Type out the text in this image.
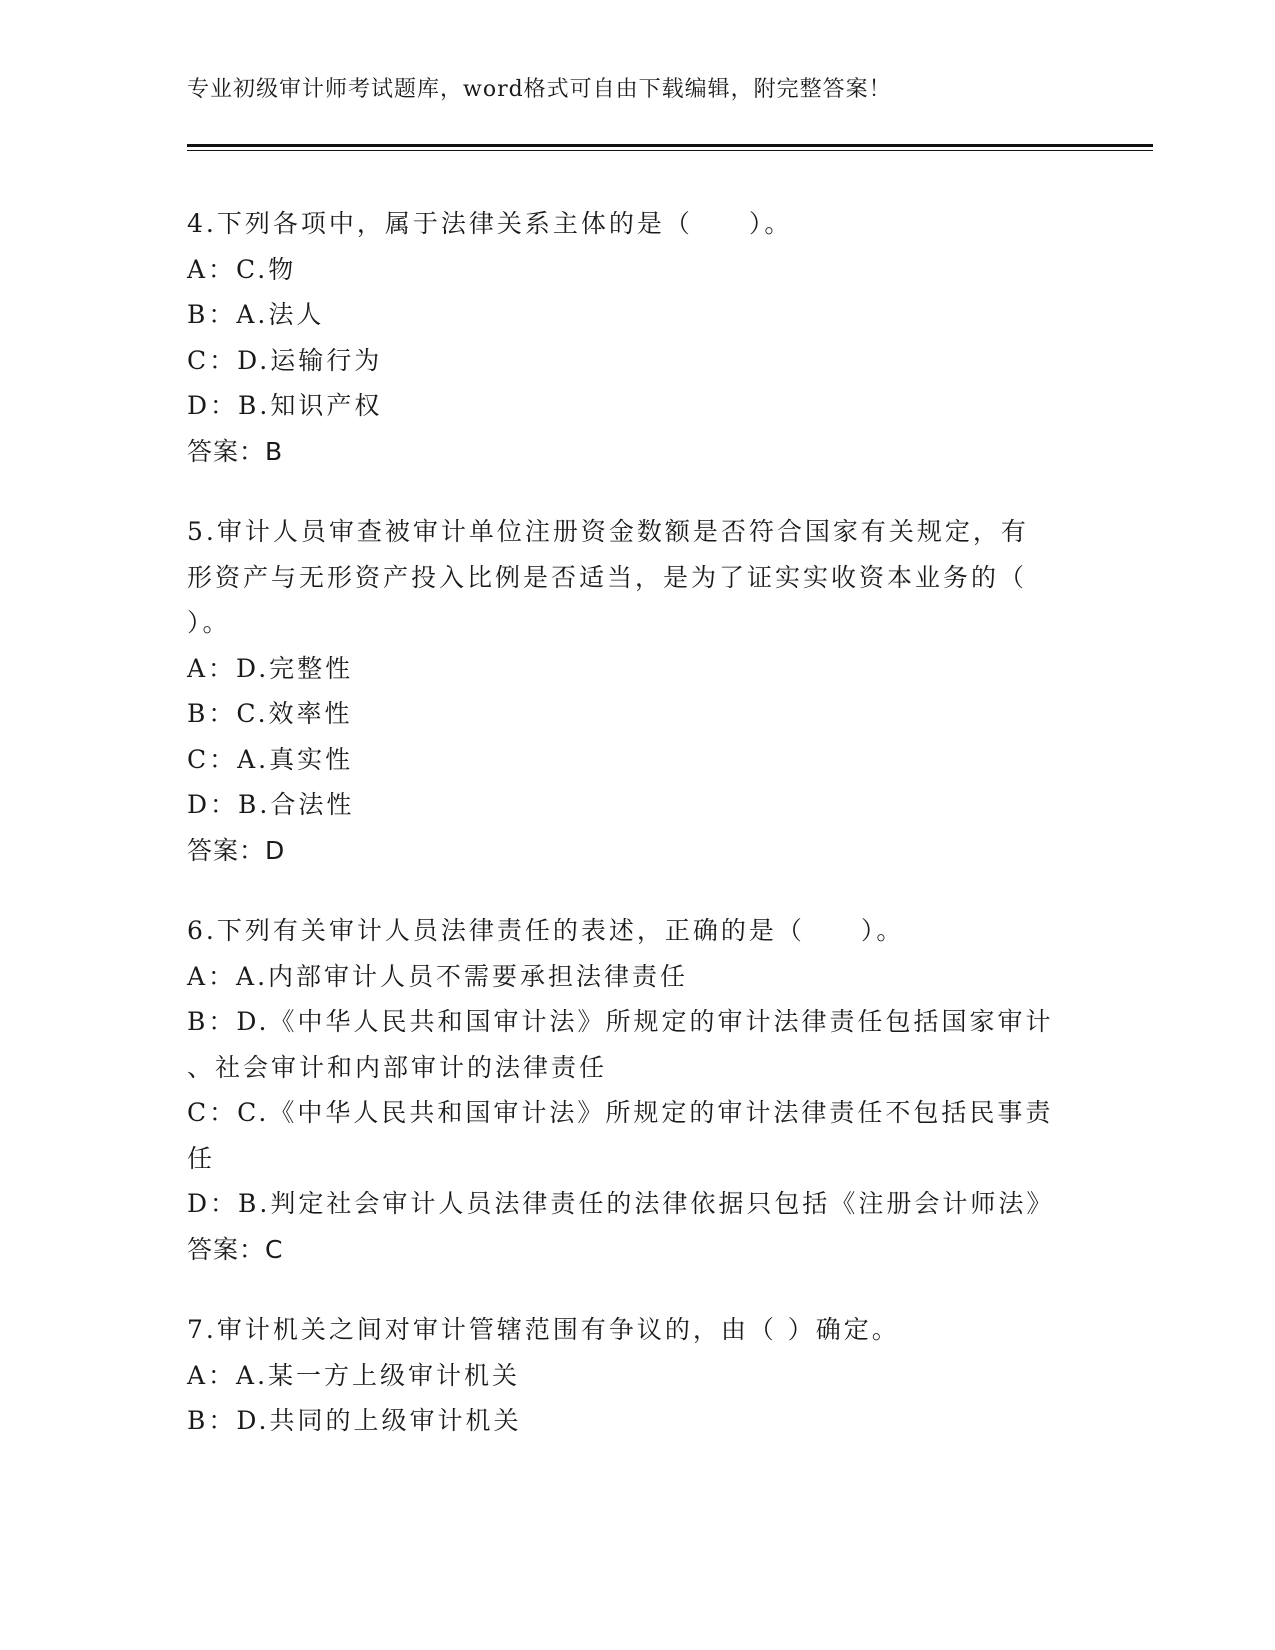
专业初级审计师考试题库，word格式可自由下载编辑，附完整答案！
4.下列各项中，属于法律关系主体的是（　　）。
A：C.物
B：A.法人
C：D.运输行为
D：B.知识产权
答案：B
5.审计人员审查被审计单位注册资金数额是否符合国家有关规定，有
形资产与无形资产投入比例是否适当，是为了证实实收资本业务的（
）。
A：D.完整性
B：C.效率性
C：A.真实性
D：B.合法性
答案：D
6.下列有关审计人员法律责任的表述，正确的是（　　）。
A：A.内部审计人员不需要承担法律责任
B：D.《中华人民共和国审计法》所规定的审计法律责任包括国家审计
、社会审计和内部审计的法律责任
C：C.《中华人民共和国审计法》所规定的审计法律责任不包括民事责
任
D：B.判定社会审计人员法律责任的法律依据只包括《注册会计师法》
答案：C
7.审计机关之间对审计管辖范围有争议的，由（ ）确定。
A：A.某一方上级审计机关
B：D.共同的上级审计机关
